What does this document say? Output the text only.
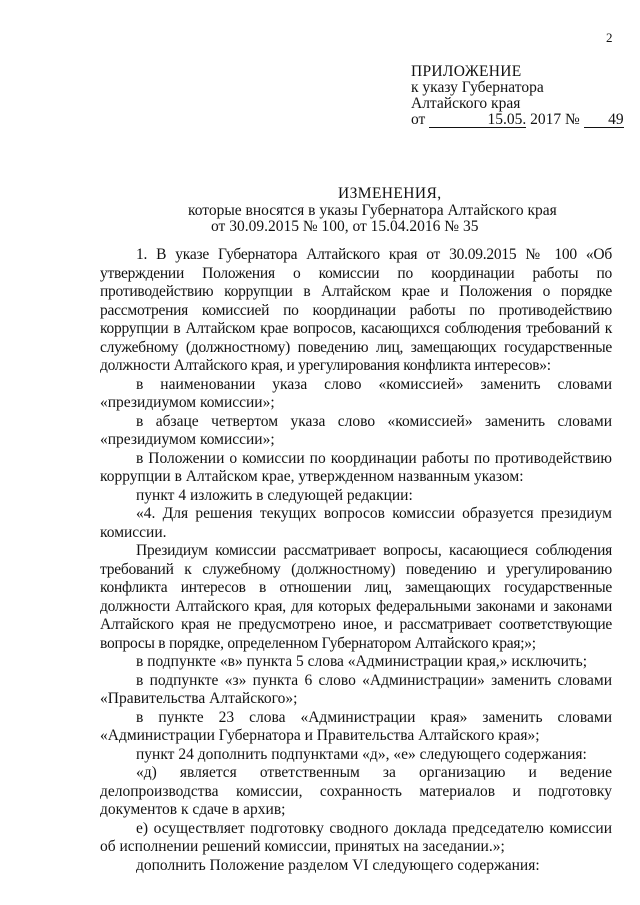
2
ПРИЛОЖЕНИЕ
к указу Губернатора
Алтайского края
от	15.05. 2017 № 49
ИЗМЕНЕНИЯ,
которые вносятся в указы Губернатора Алтайского края
от 30.09.2015 № 100, от 15.04.2016 № 35

1. В указе Губернатора Алтайского края от 30.09.2015 № 100 «Об утверждении Положения о комиссии по координации работы по противодействию коррупции в Алтайском крае и Положения о порядке рассмотрения комиссией по координации работы по противодействию коррупции в Алтайском крае вопросов, касающихся соблюдения требований к служебному (должностному) поведению лиц, замещающих государственные должности Алтайского края, и урегулирования конфликта интересов»:

в наименовании указа слово «комиссией» заменить словами «президиумом комиссии»;

в абзаце четвертом указа слово «комиссией» заменить словами «президиумом комиссии»;

в Положении о комиссии по координации работы по противодействию коррупции в Алтайском крае, утвержденном названным указом:

пункт 4 изложить в следующей редакции:

«4. Для решения текущих вопросов комиссии образуется президиум комиссии.

Президиум комиссии рассматривает вопросы, касающиеся соблюдения требований к служебному (должностному) поведению и урегулированию конфликта интересов в отношении лиц, замещающих государственные должности Алтайского края, для которых федеральными законами и законами Алтайского края не предусмотрено иное, и рассматривает соответствующие вопросы в порядке, определенном Губернатором Алтайского края;»;

в подпункте «в» пункта 5 слова «Администрации края,» исключить;

в подпункте «з» пункта 6 слово «Администрации» заменить словами «Правительства Алтайского»;

в пункте 23 слова «Администрации края» заменить словами «Администрации Губернатора и Правительства Алтайского края»;

пункт 24 дополнить подпунктами «д», «е» следующего содержания:

«д) является ответственным за организацию и ведение делопроизводства комиссии, сохранность материалов и подготовку документов к сдаче в архив;

е) осуществляет подготовку сводного доклада председателю комиссии об исполнении решений комиссии, принятых на заседании.»;

дополнить Положение разделом VI следующего содержания:
